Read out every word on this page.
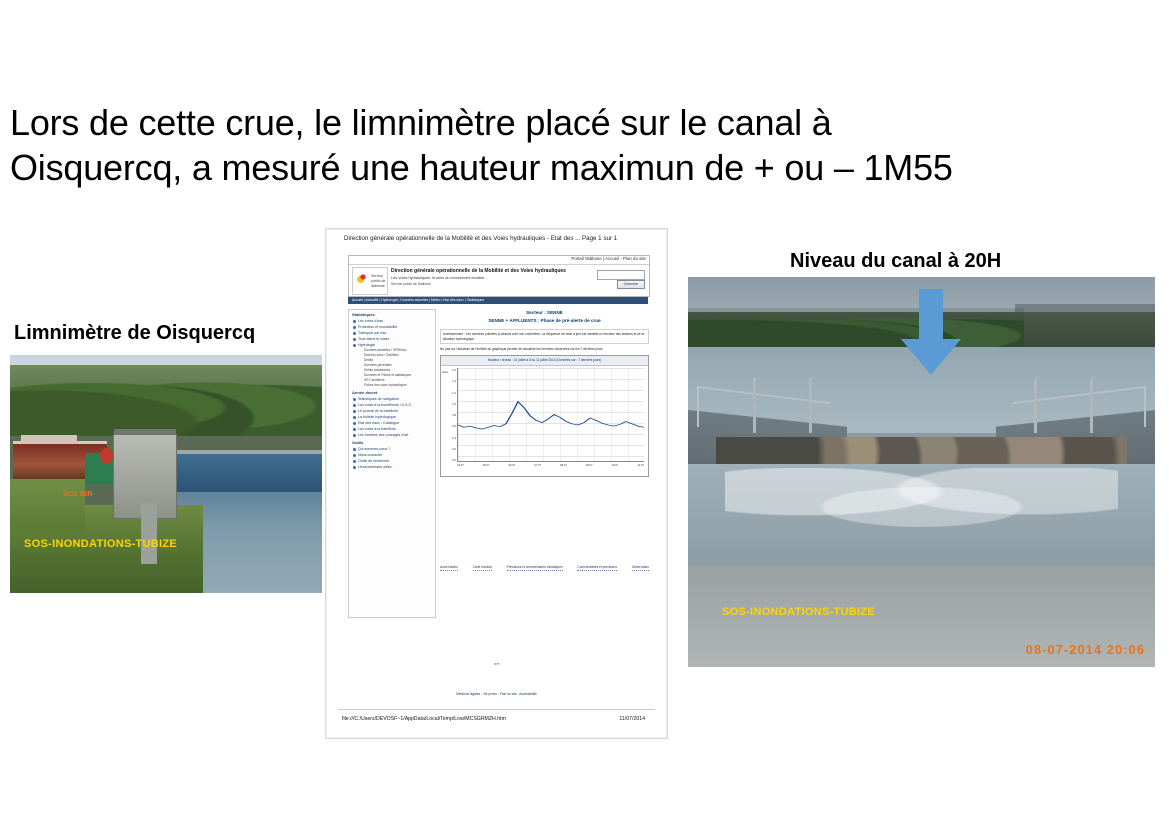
Lors de cette crue, le limnimètre placé sur le canal à
Oisquercq, a mesuré une hauteur maximun de + ou – 1M55
Limnimètre de Oisquercq
SOS 30R
SOS-INONDATIONS-TUBIZE
Direction générale opérationnelle de la Mobilité et des Voies hydrauliques - Etat des ... Page 1 sur 1
Portail Wallonie | Accueil - Plan du site
Service public de Wallonie
Direction générale opérationnelle de la Mobilité et des Voies hydrauliques
Les Voies hydrauliques, le sens du mouvement durable...
Service public de Wallonie	Chercher
Accueil | Actualité | Hydrologie | Données actuelles | Météo | Etat des eaux | Statistiques
Statistiques
Les cotes d'eau
Protection et inondabilité
Transport par eau
Tous biens et loisirs
Hydrologie
Données actuelles / SPW/eau
Etat des eaux / Debitées
Débits
Données générales
Débits instantanés
Données et Fiches et statistiques
GP Conditions
Fiches des voies hydrauliques
Année décret
Statistiques de navigation
Les cotes à la bordélisme / A.S.S.
Le journal de la batellerie
La bulletin hydrologique
Etat des eaux / Catalogue
Les cotes à la batellerie
Les horaires des ouvrages d'art
Outils
Qui sommes-nous ?
Nous contacter
Outils de recherche
Liens/adresses utiles
Secteur : SENNE
SENNE + AFFLUENTS : Phase de pré-alerte de crue
Avertissement : Les données publiées ci-dessus sont non contrôlées. La fréquence de mise à jour est variable en fonction des stations et de la situation hydrologique.
Ne pas sur l'abscisse de l'échelle du graphique permet de visualiser les données observées sur les 7 derniers jours.
Hauteur / niveau : 01 juillet à 8 au 11 juillet 2014 (Données sur : 7 derniers jours)
Haut 1.6
1.4
1.2
1.0
0.8
0.6
0.4
0.2
0.0
04-07	05-07	06-07	07-07	08-07	09-07	10-07	11-07
Autre bassin	Carte résultat	Prévisions et commentaires climatiques	Commentaires et prévisions	Observation
“”
Mentions légales - Vie privée - Plan du site - Accessibilité
file:///C:/Users/DEVOSF~1/AppData/Local/Temp/Low/MCSGRMZH.htm	11/07/2014
Niveau du canal à 20H
08-07-2014 20:06
SOS-INONDATIONS-TUBIZE
